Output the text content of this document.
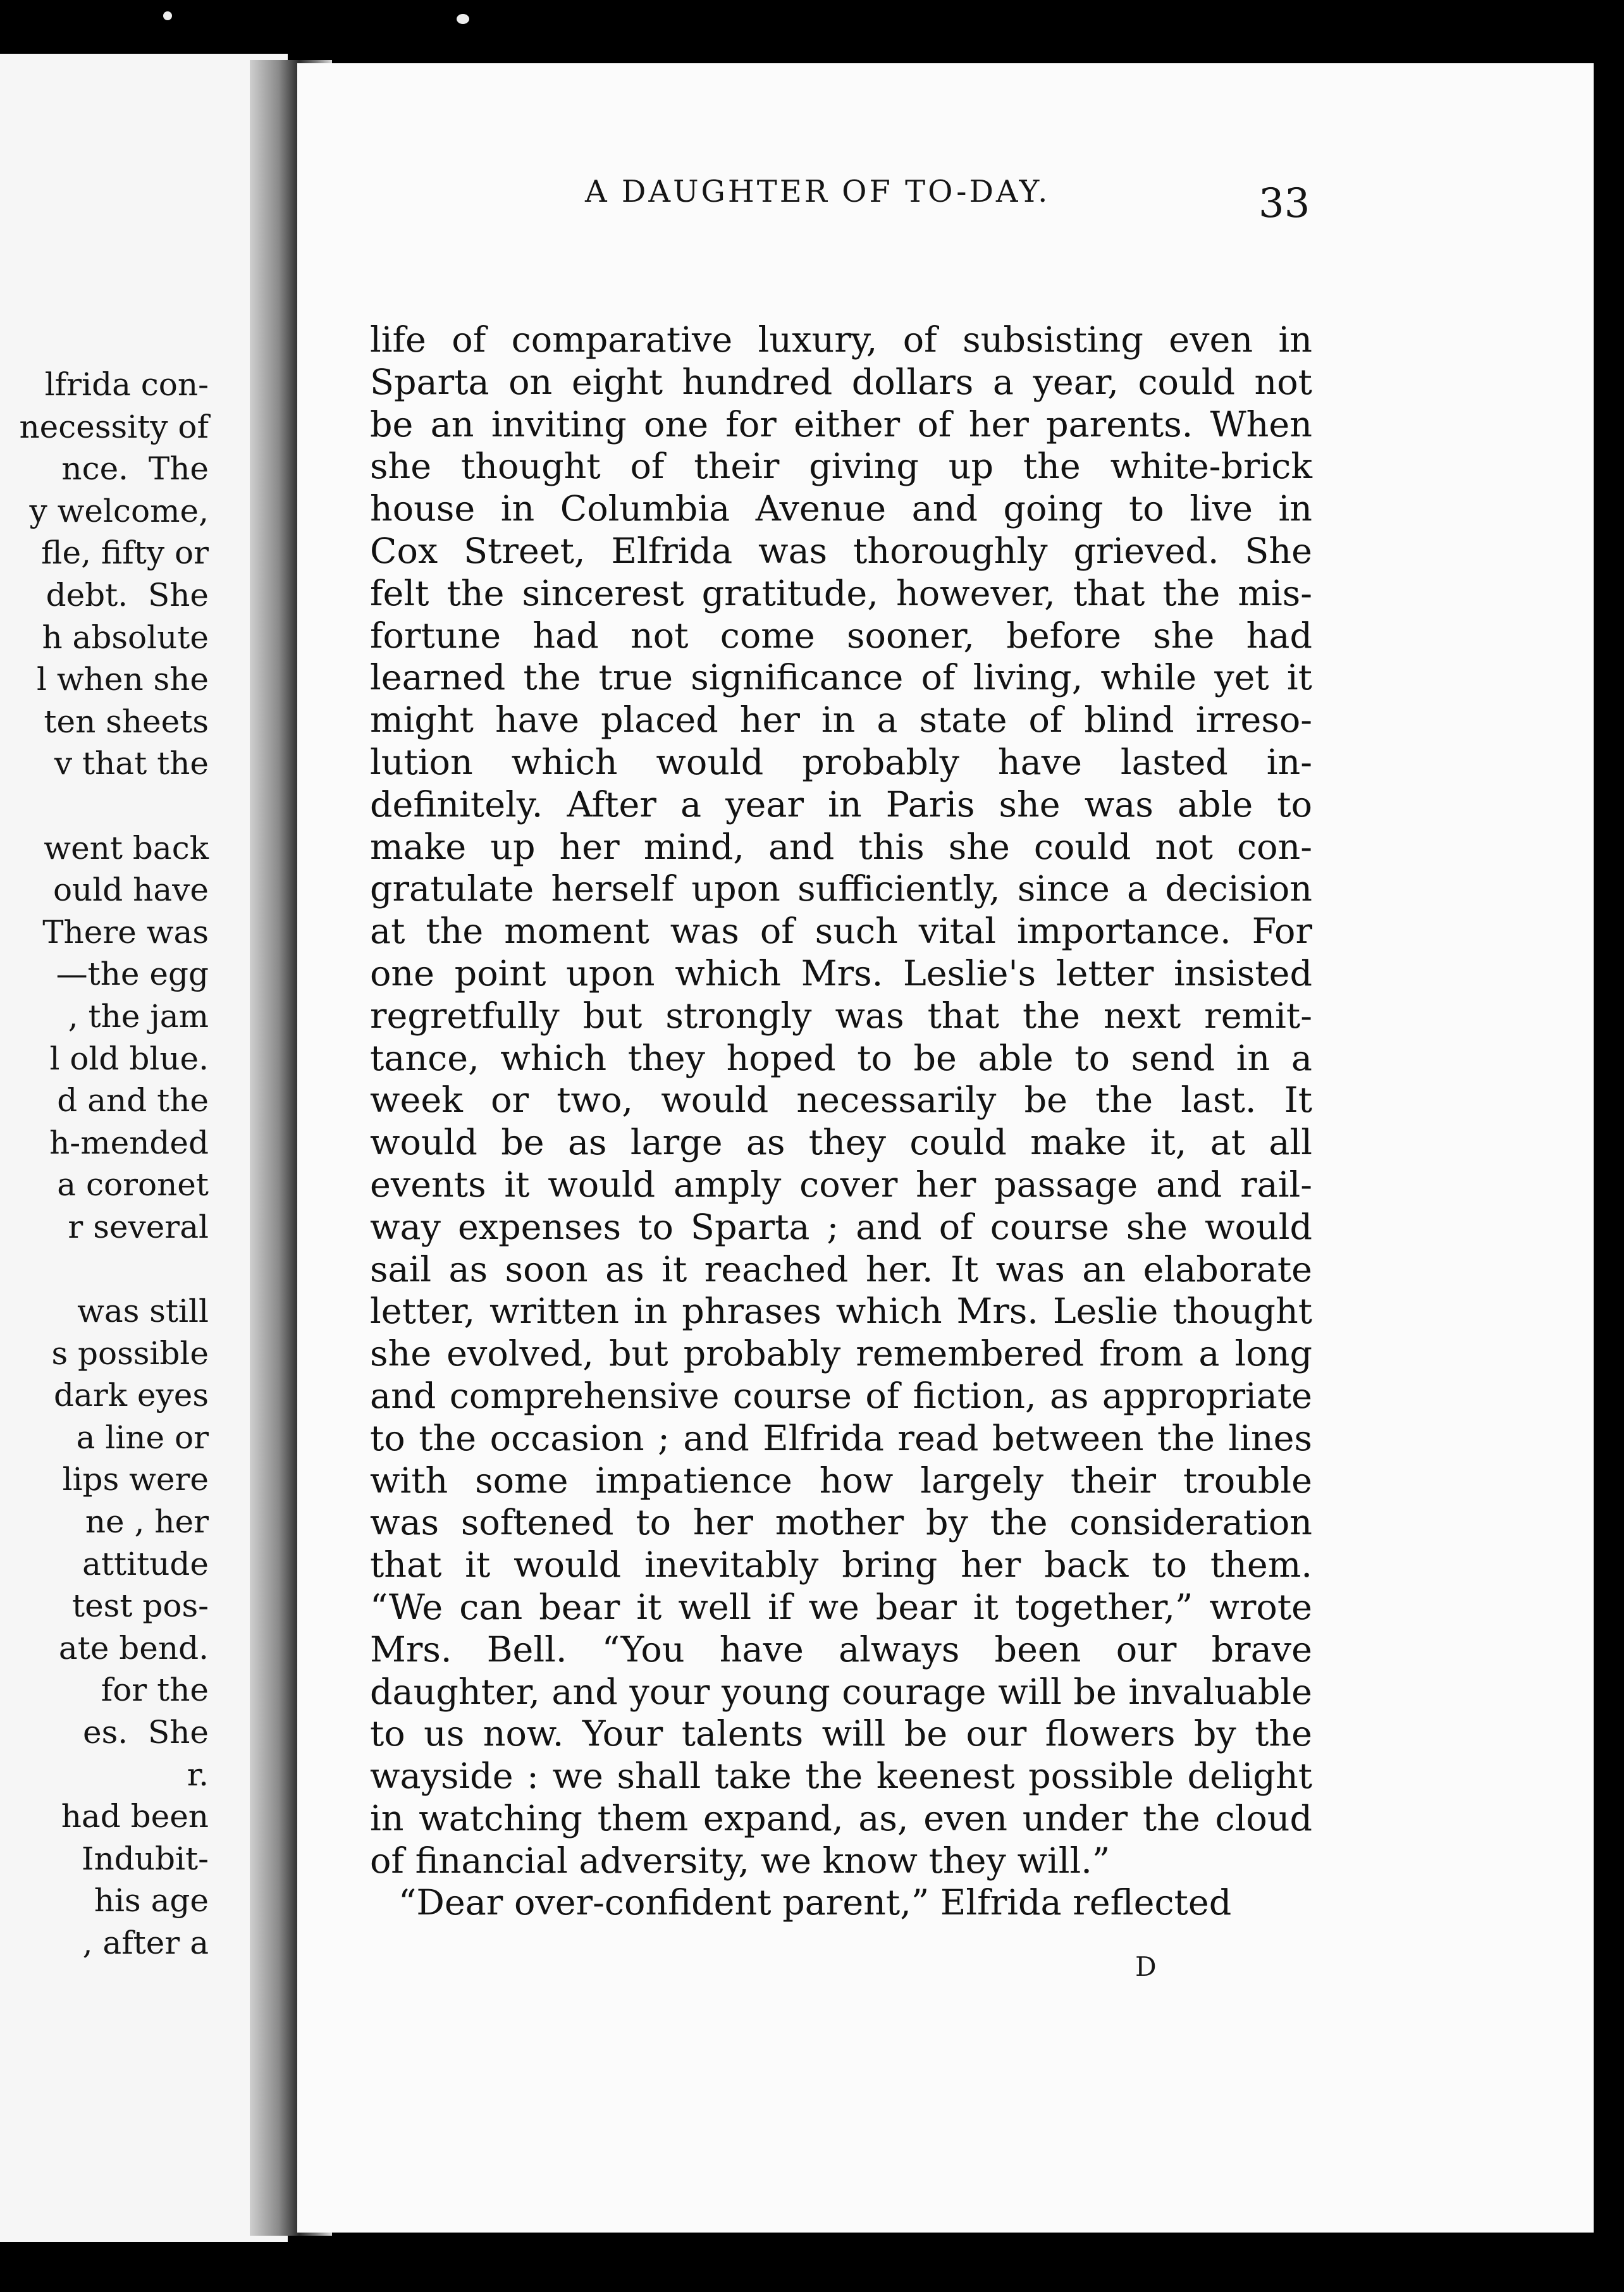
lfrida con-
necessity of
nce.  The
y welcome,
fle, fifty or
debt.  She
h absolute
l when she
ten sheets
v that the
went back
ould have
There was
—the egg
, the jam
l old blue.
d and the
h-mended
a coronet
r several
was still
s possible
dark eyes
a line or
lips were
ne , her
attitude
test pos-
ate bend.
for the
es.  She
r.
had been
Indubit-
his age
, after a
A DAUGHTER OF TO-DAY.	33
life of comparative luxury, of subsisting even in
Sparta on eight hundred dollars a year, could not
be an inviting one for either of her parents. When
she thought of their giving up the white-brick
house in Columbia Avenue and going to live in
Cox Street, Elfrida was thoroughly grieved. She
felt the sincerest gratitude, however, that the mis-
fortune had not come sooner, before she had
learned the true significance of living, while yet it
might have placed her in a state of blind irreso-
lution which would probably have lasted in-
definitely. After a year in Paris she was able to
make up her mind, and this she could not con-
gratulate herself upon sufficiently, since a decision
at the moment was of such vital importance. For
one point upon which Mrs. Leslie's letter insisted
regretfully but strongly was that the next remit-
tance, which they hoped to be able to send in a
week or two, would necessarily be the last. It
would be as large as they could make it, at all
events it would amply cover her passage and rail-
way expenses to Sparta ; and of course she would
sail as soon as it reached her. It was an elaborate
letter, written in phrases which Mrs. Leslie thought
she evolved, but probably remembered from a long
and comprehensive course of fiction, as appropriate
to the occasion ; and Elfrida read between the lines
with some impatience how largely their trouble
was softened to her mother by the consideration
that it would inevitably bring her back to them.
“We can bear it well if we bear it together,” wrote
Mrs. Bell. “You have always been our brave
daughter, and your young courage will be invaluable
to us now. Your talents will be our flowers by the
wayside : we shall take the keenest possible delight
in watching them expand, as, even under the cloud
of financial adversity, we know they will.”
“Dear over-confident parent,” Elfrida reflected
D
